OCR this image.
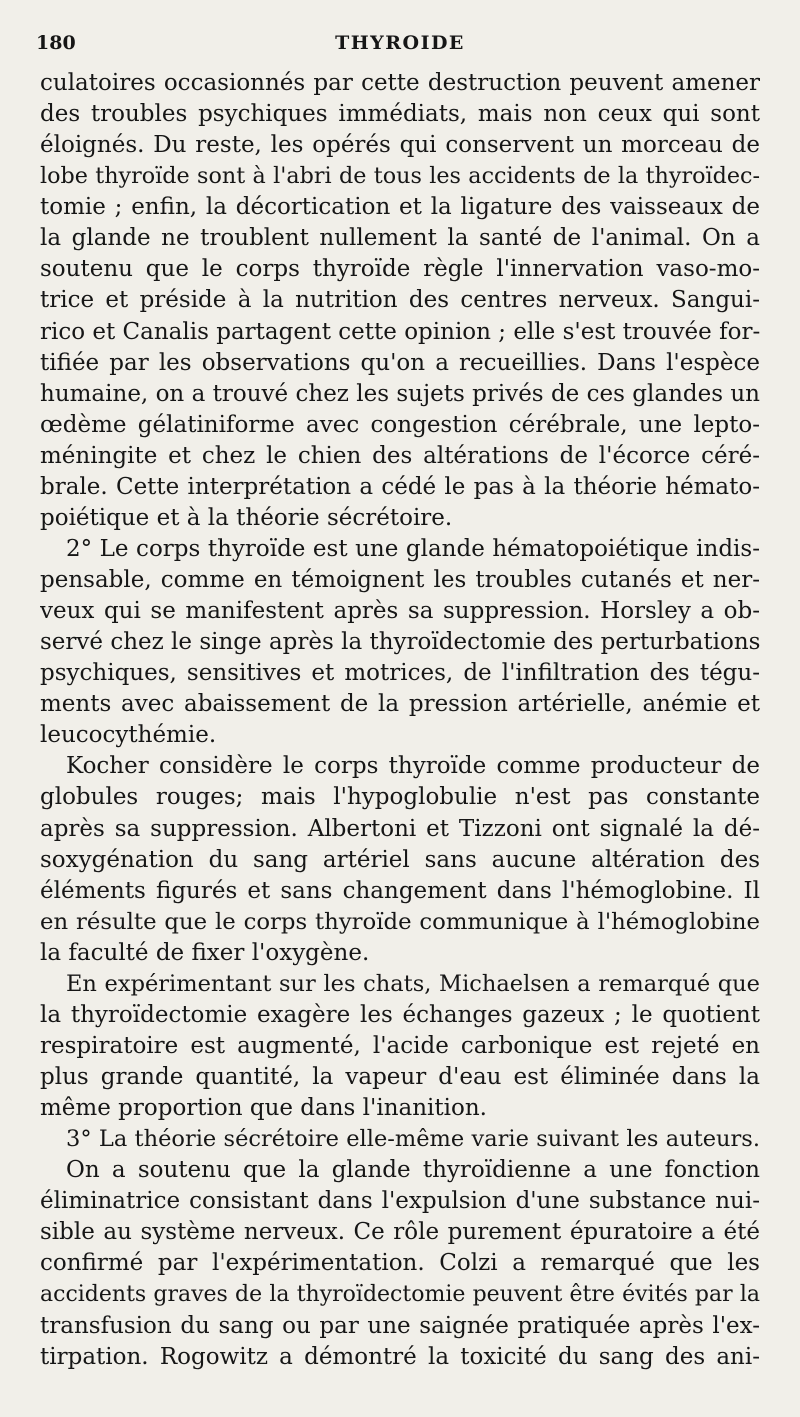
180	THYROIDE
culatoires occasionnés par cette destruction peuvent amener
des troubles psychiques immédiats, mais non ceux qui sont
éloignés. Du reste, les opérés qui conservent un morceau de
lobe thyroïde sont à l'abri de tous les accidents de la thyroïdec-
tomie ; enfin, la décortication et la ligature des vaisseaux de
la glande ne troublent nullement la santé de l'animal. On a
soutenu que le corps thyroïde règle l'innervation vaso-mo-
trice et préside à la nutrition des centres nerveux. Sangui-
rico et Canalis partagent cette opinion ; elle s'est trouvée for-
tifiée par les observations qu'on a recueillies. Dans l'espèce
humaine, on a trouvé chez les sujets privés de ces glandes un
œdème gélatiniforme avec congestion cérébrale, une lepto-
méningite et chez le chien des altérations de l'écorce céré-
brale. Cette interprétation a cédé le pas à la théorie hémato-
poiétique et à la théorie sécrétoire.
2° Le corps thyroïde est une glande hématopoiétique indis-
pensable, comme en témoignent les troubles cutanés et ner-
veux qui se manifestent après sa suppression. Horsley a ob-
servé chez le singe après la thyroïdectomie des perturbations
psychiques, sensitives et motrices, de l'infiltration des tégu-
ments avec abaissement de la pression artérielle, anémie et
leucocythémie.
Kocher considère le corps thyroïde comme producteur de
globules rouges; mais l'hypoglobulie n'est pas constante
après sa suppression. Albertoni et Tizzoni ont signalé la dé-
soxygénation du sang artériel sans aucune altération des
éléments figurés et sans changement dans l'hémoglobine. Il
en résulte que le corps thyroïde communique à l'hémoglobine
la faculté de fixer l'oxygène.
En expérimentant sur les chats, Michaelsen a remarqué que
la thyroïdectomie exagère les échanges gazeux ; le quotient
respiratoire est augmenté, l'acide carbonique est rejeté en
plus grande quantité, la vapeur d'eau est éliminée dans la
même proportion que dans l'inanition.
3° La théorie sécrétoire elle-même varie suivant les auteurs.
On a soutenu que la glande thyroïdienne a une fonction
éliminatrice consistant dans l'expulsion d'une substance nui-
sible au système nerveux. Ce rôle purement épuratoire a été
confirmé par l'expérimentation. Colzi a remarqué que les
accidents graves de la thyroïdectomie peuvent être évités par la
transfusion du sang ou par une saignée pratiquée après l'ex-
tirpation. Rogowitz a démontré la toxicité du sang des ani-
